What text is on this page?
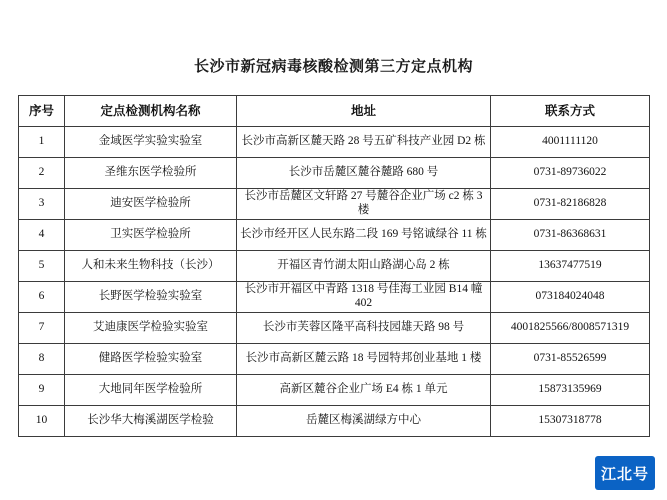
长沙市新冠病毒核酸检测第三方定点机构
序号	定点检测机构名称	地址	联系方式
1	金域医学实验实验室	长沙市高新区麓天路 28 号五矿科技产业园 D2 栋	4001111120
2	圣维东医学检验所	长沙市岳麓区麓谷麓路 680 号	0731-89736022
3	迪安医学检验所	长沙市岳麓区文轩路 27 号麓谷企业广场 c2 栋 3 楼	0731-82186828
4	卫实医学检验所	长沙市经开区人民东路二段 169 号铭诚绿谷 11 栋	0731-86368631
5	人和未来生物科技（长沙）	开福区青竹湖太阳山路湖心岛 2 栋	13637477519
6	长野医学检验实验室	长沙市开福区中青路 1318 号佳海工业园 B14 幢 402	073184024048
7	艾迪康医学检验实验室	长沙市芙蓉区隆平高科技园雄天路 98 号	4001825566/8008571319
8	健路医学检验实验室	长沙市高新区麓云路 18 号园特邦创业基地 1 楼	0731-85526599
9	大地同年医学检验所	高新区麓谷企业广场 E4 栋 1 单元	15873135969
10	长沙华大梅溪湖医学检验	岳麓区梅溪湖绿方中心	15307318778
江北号
